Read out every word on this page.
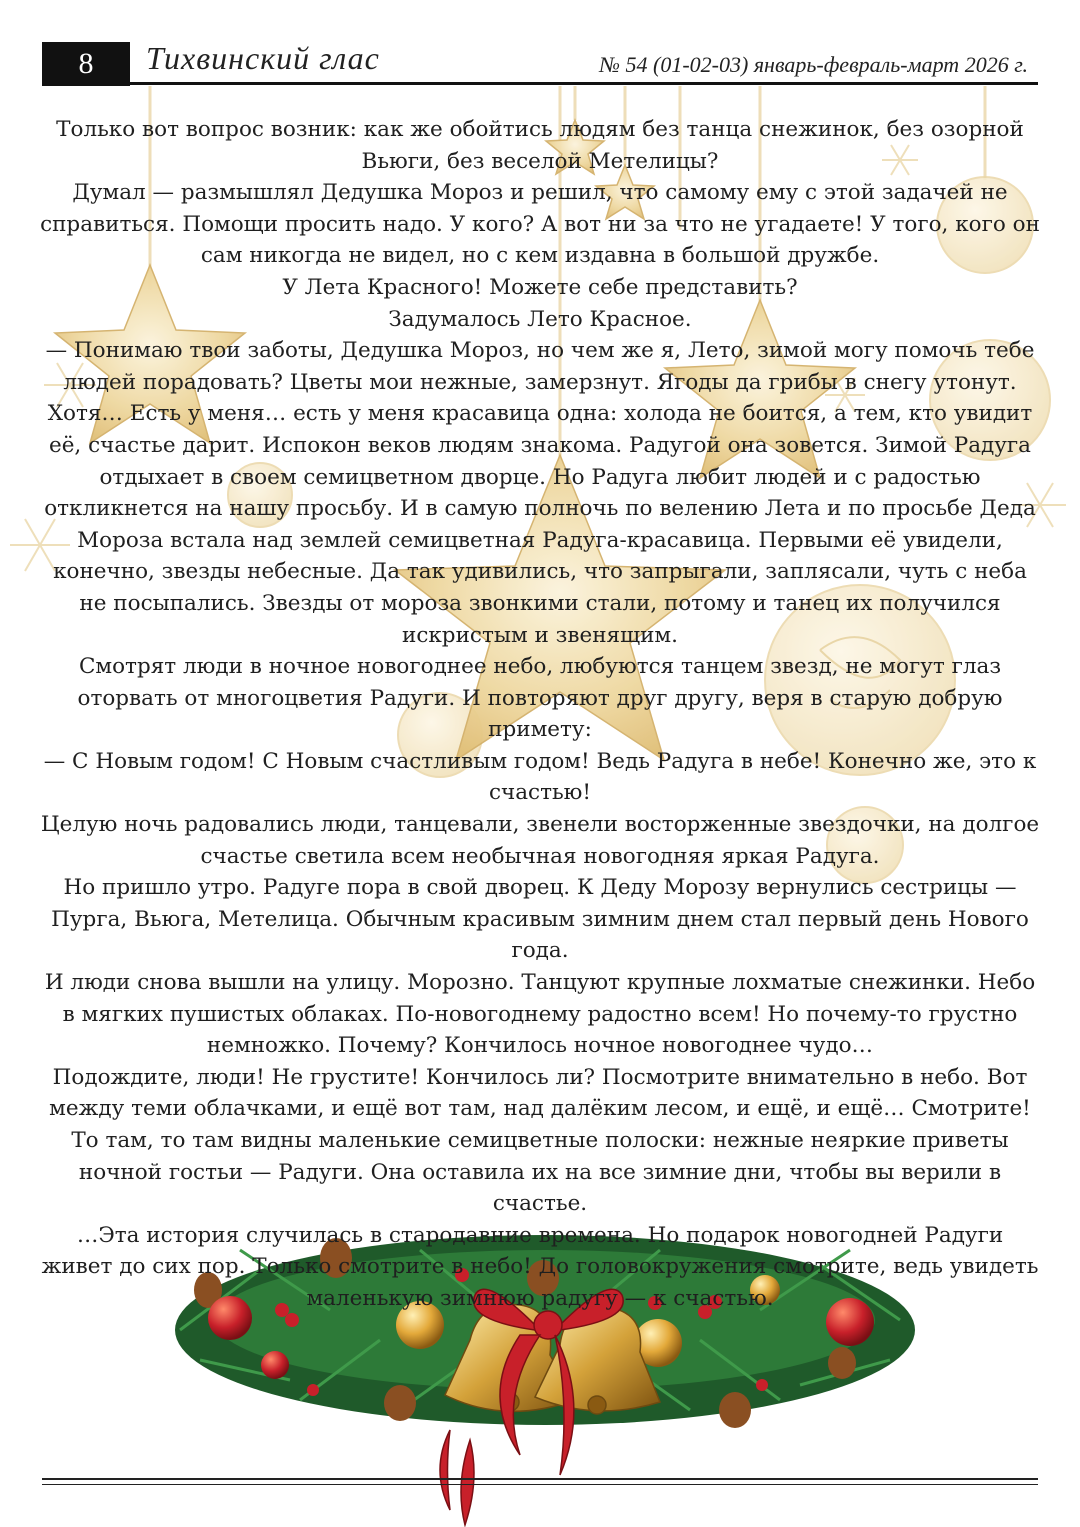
8	Тихвинский глас	№ 54 (01-02-03) январь-февраль-март 2026 г.

Только вот вопрос возник: как же обойтись людям без танца снежинок, без озорной Вьюги, без веселой Метелицы?

Думал — размышлял Дедушка Мороз и решил, что самому ему с этой задачей не справиться. Помощи просить надо. У кого? А вот ни за что не угадаете! У того, кого он сам никогда не видел, но с кем издавна в большой дружбе.

У Лета Красного! Можете себе представить?

Задумалось Лето Красное.

— Понимаю твои заботы, Дедушка Мороз, но чем же я, Лето, зимой могу помочь тебе людей порадовать? Цветы мои нежные, замерзнут. Ягоды да грибы в снегу утонут. Хотя… Есть у меня… есть у меня красавица одна: холода не боится, а тем, кто увидит её, счастье дарит. Испокон веков людям знакома. Радугой она зовется. Зимой Радуга отдыхает в своем семицветном дворце. Но Радуга любит людей и с радостью откликнется на нашу просьбу. И в самую полночь по велению Лета и по просьбе Деда Мороза встала над землей семицветная Радуга-красавица. Первыми её увидели, конечно, звезды небесные. Да так удивились, что запрыгали, заплясали, чуть с неба не посыпались. Звезды от мороза звонкими стали, потому и танец их получился искристым и звенящим.

Смотрят люди в ночное новогоднее небо, любуются танцем звезд, не могут глаз оторвать от многоцветия Радуги. И повторяют друг другу, веря в старую добрую примету:

— С Новым годом! С Новым счастливым годом! Ведь Радуга в небе! Конечно же, это к счастью!

Целую ночь радовались люди, танцевали, звенели восторженные звездочки, на долгое счастье светила всем необычная новогодняя яркая Радуга.

Но пришло утро. Радуге пора в свой дворец. К Деду Морозу вернулись сестрицы — Пурга, Вьюга, Метелица. Обычным красивым зимним днем стал первый день Нового года.

И люди снова вышли на улицу. Морозно. Танцуют крупные лохматые снежинки. Небо в мягких пушистых облаках. По-новогоднему радостно всем! Но почему-то грустно немножко. Почему? Кончилось ночное новогоднее чудо…

Подождите, люди! Не грустите! Кончилось ли? Посмотрите внимательно в небо. Вот между теми облачками, и ещё вот там, над далёким лесом, и ещё, и ещё… Смотрите! То там, то там видны маленькие семицветные полоски: нежные неяркие приветы ночной гостьи — Радуги. Она оставила их на все зимние дни, чтобы вы верили в счастье.

…Эта история случилась в стародавние времена. Но подарок новогодней Радуги живет до сих пор. Только смотрите в небо! До головокружения смотрите, ведь увидеть маленькую зимнюю радугу — к счастью.
